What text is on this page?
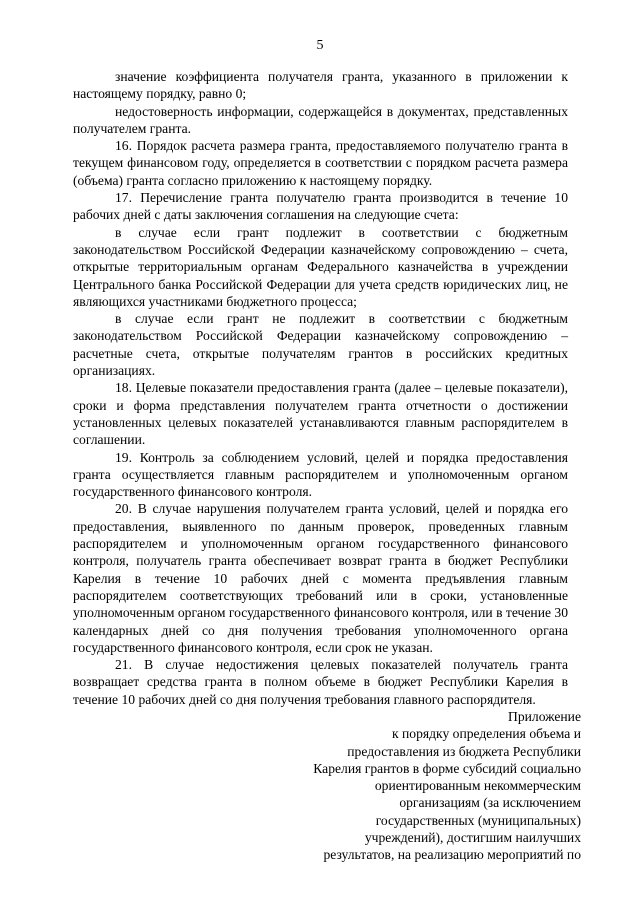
5

значение коэффициента получателя гранта, указанного в приложении к настоящему порядку, равно 0;

недостоверность информации, содержащейся в документах, представленных получателем гранта.

16. Порядок расчета размера гранта, предоставляемого получателю гранта в текущем финансовом году, определяется в соответствии с порядком расчета размера (объема) гранта согласно приложению к настоящему порядку.

17. Перечисление гранта получателю гранта производится в течение 10 рабочих дней с даты заключения соглашения на следующие счета:

в случае если грант подлежит в соответствии с бюджетным законодательством Российской Федерации казначейскому сопровождению – счета, открытые территориальным органам Федерального казначейства в учреждении Центрального банка Российской Федерации для учета средств юридических лиц, не являющихся участниками бюджетного процесса;

в случае если грант не подлежит в соответствии с бюджетным законодательством Российской Федерации казначейскому сопровождению – расчетные счета, открытые получателям грантов в российских кредитных организациях.

18. Целевые показатели предоставления гранта (далее – целевые показатели), сроки и форма представления получателем гранта отчетности о достижении установленных целевых показателей устанавливаются главным распорядителем в соглашении.

19. Контроль за соблюдением условий, целей и порядка предоставления гранта осуществляется главным распорядителем и уполномоченным органом государственного финансового контроля.

20. В случае нарушения получателем гранта условий, целей и порядка его предоставления, выявленного по данным проверок, проведенных главным распорядителем и уполномоченным органом государственного финансового контроля, получатель гранта обеспечивает возврат гранта в бюджет Республики Карелия в течение 10 рабочих дней с момента предъявления главным распорядителем соответствующих требований или в сроки, установленные уполномоченным органом государственного финансового контроля, или в течение 30 календарных дней со дня получения требования уполномоченного органа государственного финансового контроля, если срок не указан.

21. В случае недостижения целевых показателей получатель гранта возвращает средства гранта в полном объеме в бюджет Республики Карелия в течение 10 рабочих дней со дня получения требования главного распорядителя.

Приложение
к порядку определения объема и
предоставления из бюджета Республики
Карелия грантов в форме субсидий социально
ориентированным некоммерческим
организациям (за исключением
государственных (муниципальных)
учреждений), достигшим наилучших
результатов, на реализацию мероприятий по
